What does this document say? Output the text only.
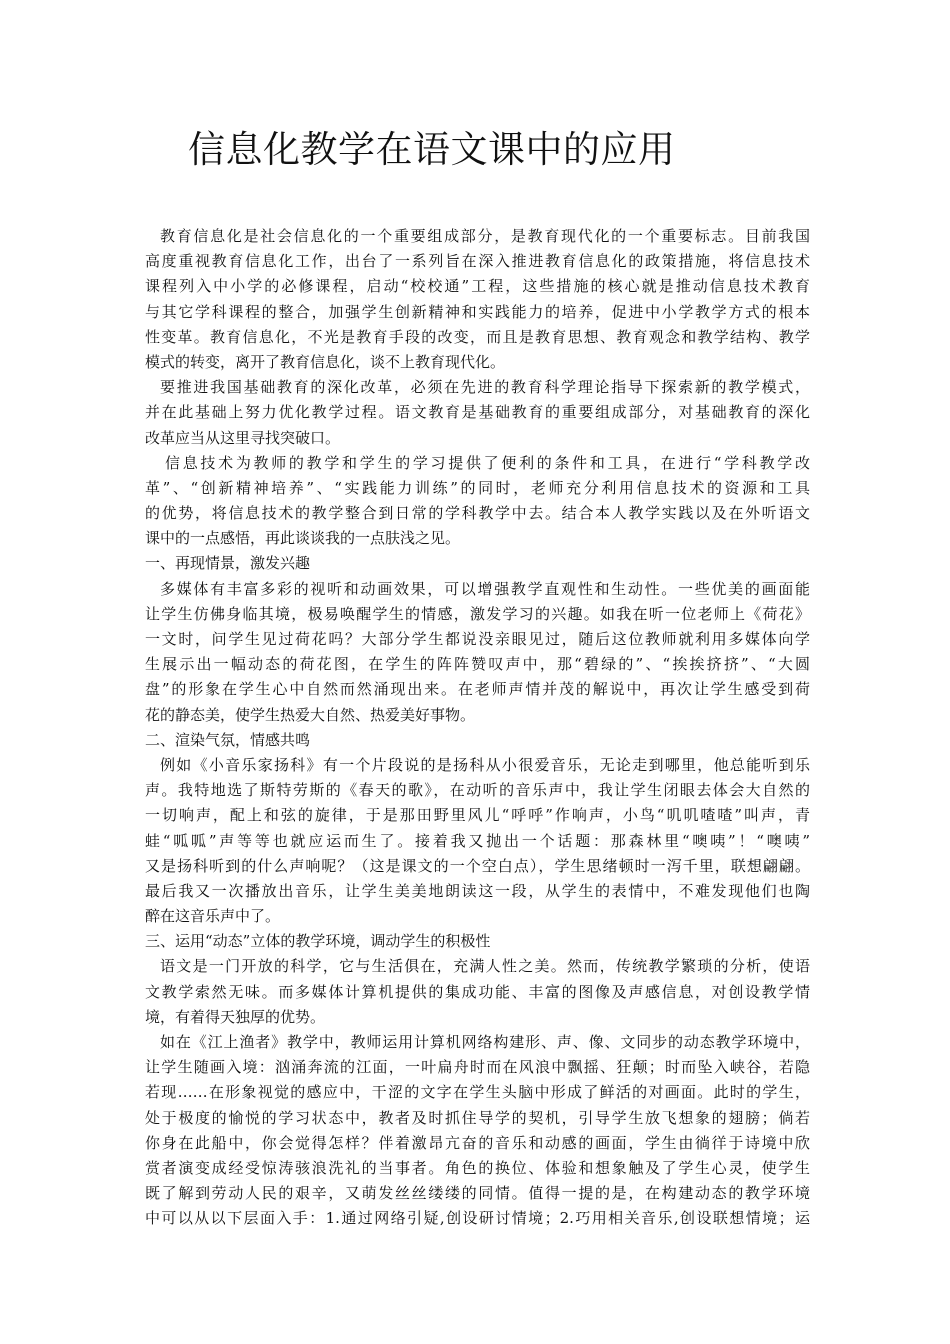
信息化教学在语文课中的应用
教育信息化是社会信息化的一个重要组成部分，是教育现代化的一个重要标志。目前我国
高度重视教育信息化工作，出台了一系列旨在深入推进教育信息化的政策措施，将信息技术
课程列入中小学的必修课程，启动“校校通”工程，这些措施的核心就是推动信息技术教育
与其它学科课程的整合，加强学生创新精神和实践能力的培养，促进中小学教学方式的根本
性变革。教育信息化，不光是教育手段的改变，而且是教育思想、教育观念和教学结构、教学
模式的转变，离开了教育信息化，谈不上教育现代化。
要推进我国基础教育的深化改革，必须在先进的教育科学理论指导下探索新的教学模式，
并在此基础上努力优化教学过程。语文教育是基础教育的重要组成部分，对基础教育的深化
改革应当从这里寻找突破口。
信息技术为教师的教学和学生的学习提供了便利的条件和工具，在进行“学科教学改
革”、“创新精神培养”、“实践能力训练”的同时，老师充分利用信息技术的资源和工具
的优势，将信息技术的教学整合到日常的学科教学中去。结合本人教学实践以及在外听语文
课中的一点感悟，再此谈谈我的一点肤浅之见。
一、再现情景，激发兴趣
多媒体有丰富多彩的视听和动画效果，可以增强教学直观性和生动性。一些优美的画面能
让学生仿佛身临其境，极易唤醒学生的情感，激发学习的兴趣。如我在听一位老师上《荷花》
一文时，问学生见过荷花吗？大部分学生都说没亲眼见过，随后这位教师就利用多媒体向学
生展示出一幅动态的荷花图，在学生的阵阵赞叹声中，那“碧绿的”、“挨挨挤挤”、“大圆
盘”的形象在学生心中自然而然涌现出来。在老师声情并茂的解说中，再次让学生感受到荷
花的静态美，使学生热爱大自然、热爱美好事物。
二、渲染气氛，情感共鸣
例如《小音乐家扬科》有一个片段说的是扬科从小很爱音乐，无论走到哪里，他总能听到乐
声。我特地选了斯特劳斯的《春天的歌》，在动听的音乐声中，我让学生闭眼去体会大自然的
一切响声，配上和弦的旋律，于是那田野里风儿“呼呼”作响声，小鸟“叽叽喳喳”叫声，青
蛙“呱呱”声等等也就应运而生了。接着我又抛出一个话题：那森林里“噢咦”！“噢咦”
又是扬科听到的什么声响呢？（这是课文的一个空白点），学生思绪顿时一泻千里，联想翩翩。
最后我又一次播放出音乐，让学生美美地朗读这一段，从学生的表情中，不难发现他们也陶
醉在这音乐声中了。
三、运用“动态”立体的教学环境，调动学生的积极性
语文是一门开放的科学，它与生活俱在，充满人性之美。然而，传统教学繁琐的分析，使语
文教学索然无味。而多媒体计算机提供的集成功能、丰富的图像及声感信息，对创设教学情
境，有着得天独厚的优势。
如在《江上渔者》教学中，教师运用计算机网络构建形、声、像、文同步的动态教学环境中，
让学生随画入境：汹涌奔流的江面，一叶扁舟时而在风浪中飘摇、狂颠；时而坠入峡谷，若隐
若现……在形象视觉的感应中，干涩的文字在学生头脑中形成了鲜活的对画面。此时的学生，
处于极度的愉悦的学习状态中，教者及时抓住导学的契机，引导学生放飞想象的翅膀；倘若
你身在此船中，你会觉得怎样？伴着激昂亢奋的音乐和动感的画面，学生由徜徉于诗境中欣
赏者演变成经受惊涛骇浪洗礼的当事者。角色的换位、体验和想象触及了学生心灵，使学生
既了解到劳动人民的艰辛，又萌发丝丝缕缕的同情。值得一提的是，在构建动态的教学环境
中可以从以下层面入手：1.通过网络引疑,创设研讨情境；2.巧用相关音乐,创设联想情境；运
